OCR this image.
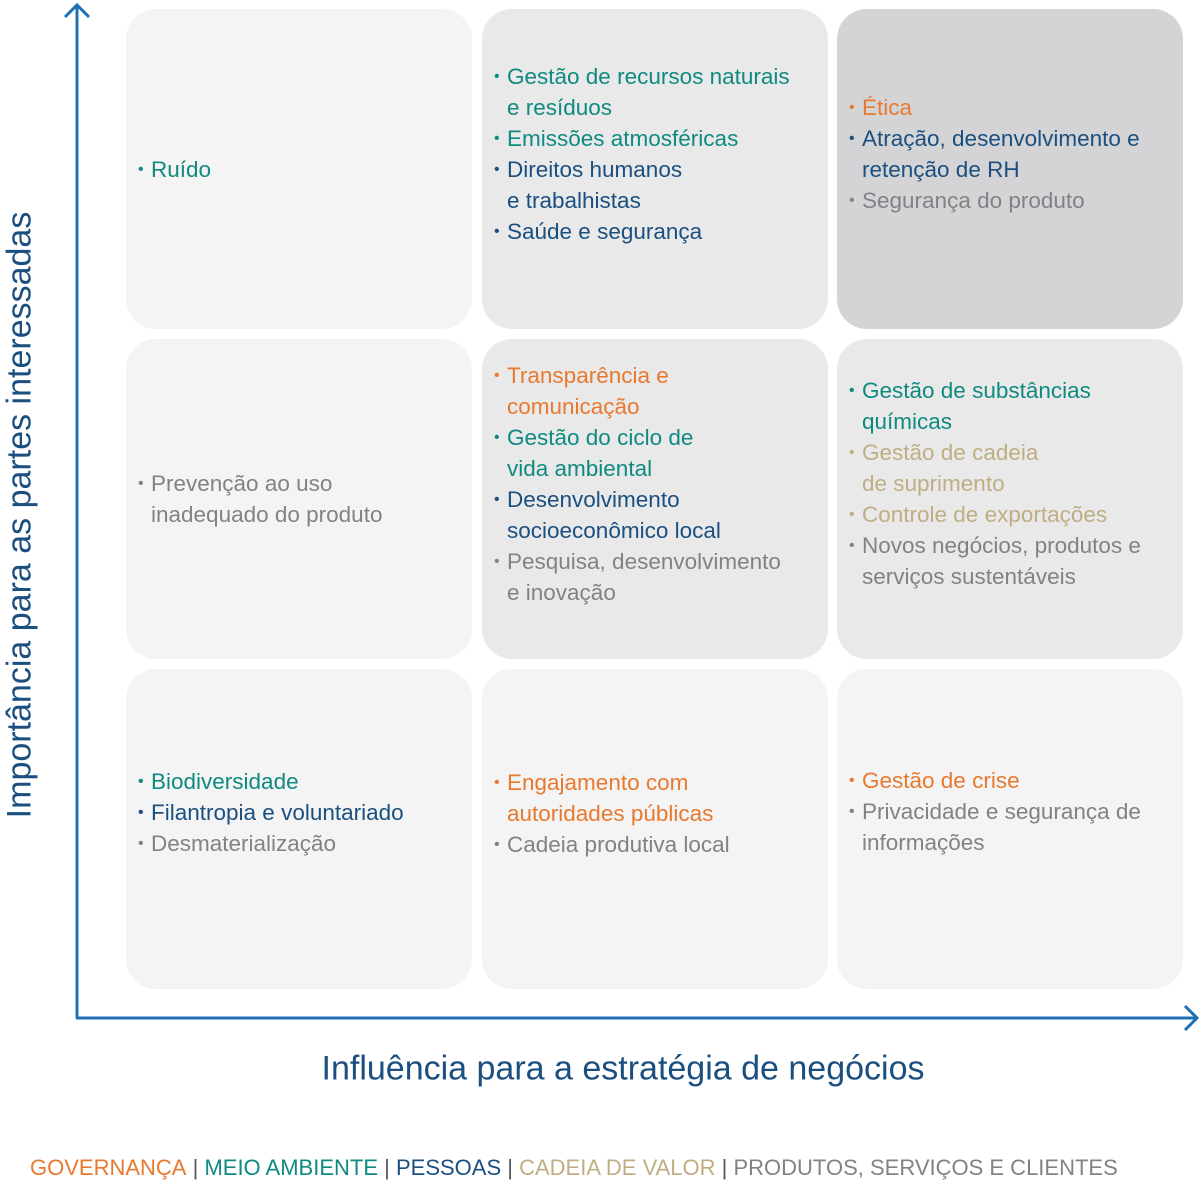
Importância para as partes interessadas
• Ruído
• Gestão de recursos naturais
e resíduos
• Emissões atmosféricas
• Direitos humanos
e trabalhistas
• Saúde e segurança
• Ética
• Atração, desenvolvimento e
retenção de RH
• Segurança do produto
• Prevenção ao uso
inadequado do produto
• Transparência e
comunicação
• Gestão do ciclo de
vida ambiental
• Desenvolvimento
socioeconômico local
• Pesquisa, desenvolvimento
e inovação
• Gestão de substâncias
químicas
• Gestão de cadeia
de suprimento
• Controle de exportações
• Novos negócios, produtos e
serviços sustentáveis
• Biodiversidade
• Filantropia e voluntariado
• Desmaterialização
• Engajamento com
autoridades públicas
• Cadeia produtiva local
• Gestão de crise
• Privacidade e segurança de
informações
Influência para a estratégia de negócios
GOVERNANÇA | MEIO AMBIENTE | PESSOAS | CADEIA DE VALOR | PRODUTOS, SERVIÇOS E CLIENTES
